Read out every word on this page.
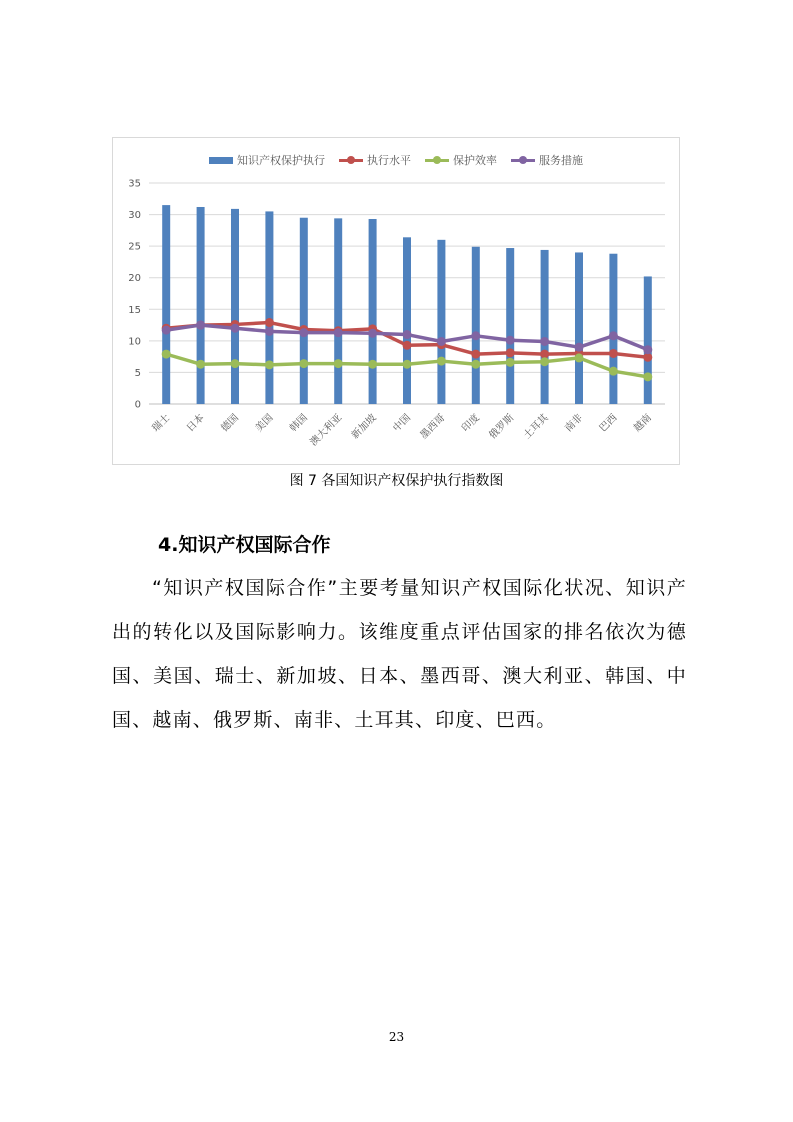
知识产权保护执行	执行水平	保护效率	服务措施
0
5
10
15
20
25
30
35
瑞士 日本 德国 美国 韩国
澳大利亚 新加坡 中国 墨西哥 印度 俄罗斯 土耳其 南非 巴西 越南
图 7 各国知识产权保护执行指数图
4.知识产权国际合作
“知识产权国际合作”主要考量知识产权国际化状况、知识产出的转化以及国际影响力。该维度重点评估国家的排名依次为德国、美国、瑞士、新加坡、日本、墨西哥、澳大利亚、韩国、中国、越南、俄罗斯、南非、土耳其、印度、巴西。
23
